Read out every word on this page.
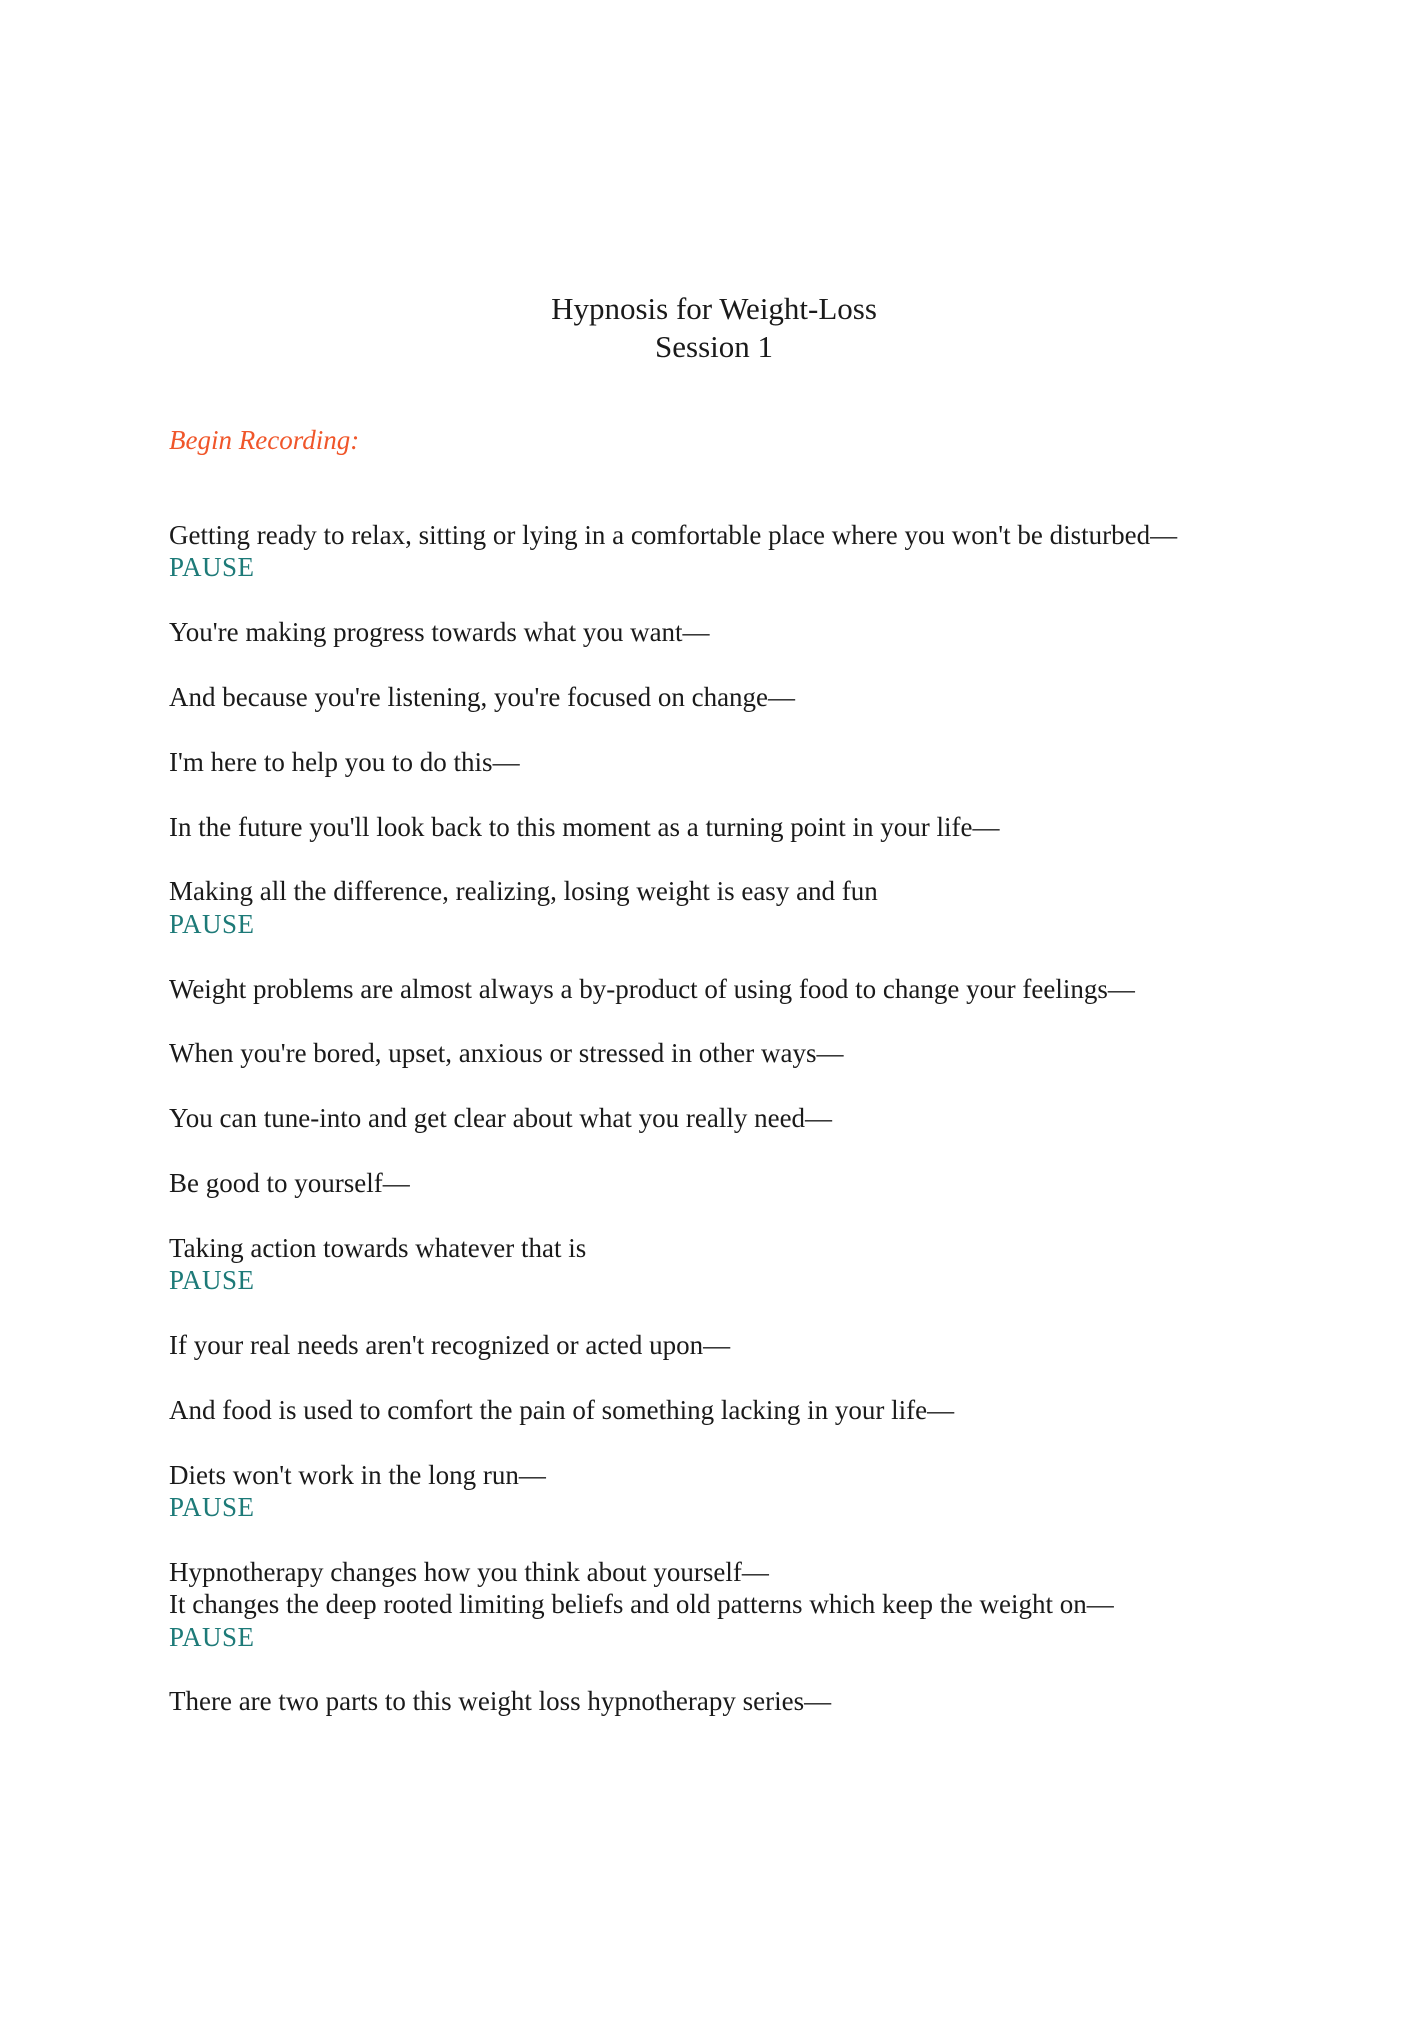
Hypnosis for Weight-Loss
Session 1
Begin Recording:
Getting ready to relax, sitting or lying in a comfortable place where you won't be disturbed—
PAUSE
You're making progress towards what you want—
And because you're listening, you're focused on change—
I'm here to help you to do this—
In the future you'll look back to this moment as a turning point in your life—
Making all the difference, realizing, losing weight is easy and fun
PAUSE
Weight problems are almost always a by-product of using food to change your feelings—
When you're bored, upset, anxious or stressed in other ways—
You can tune-into and get clear about what you really need—
Be good to yourself—
Taking action towards whatever that is
PAUSE
If your real needs aren't recognized or acted upon—
And food is used to comfort the pain of something lacking in your life—
Diets won't work in the long run—
PAUSE
Hypnotherapy changes how you think about yourself—
It changes the deep rooted limiting beliefs and old patterns which keep the weight on—
PAUSE
There are two parts to this weight loss hypnotherapy series—
